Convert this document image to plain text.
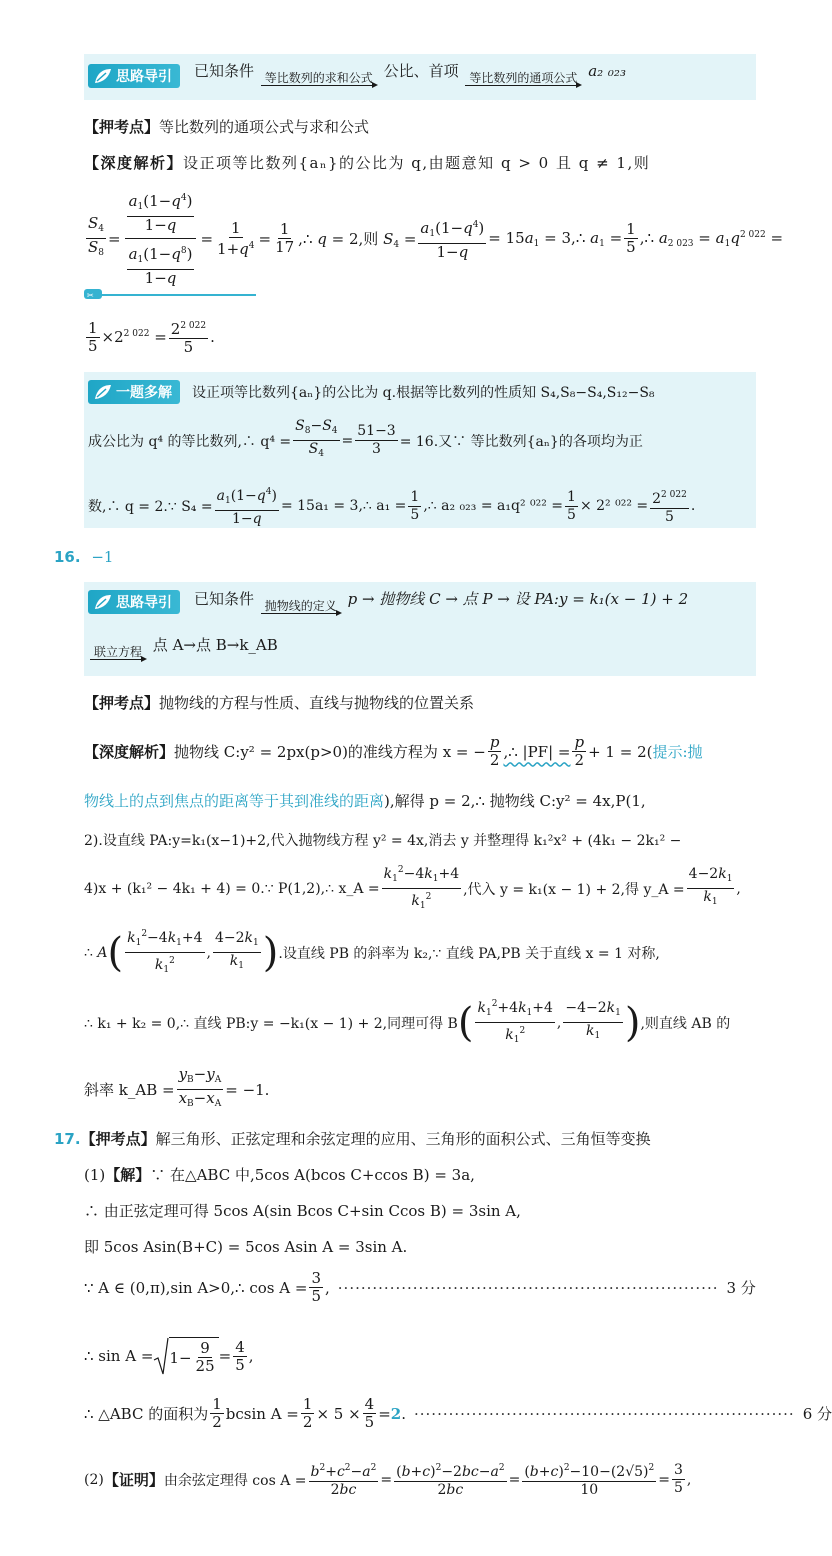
思路导引 已知条件 等比数列的求和公式 公比、首项 等比数列的通项公式 a₂ ₀₂₃
【押考点】等比数列的通项公式与求和公式
【深度解析】设正项等比数列{aₙ}的公比为 q,由题意知 q > 0 且 q ≠ 1,则
$\frac{S_4}{S_8} = \frac{\frac{a_1(1-q^4)}{1-q}}{\frac{a_1(1-q^8)}{1-q}} = \frac{1}{1+q^4} = \frac{1}{17}$ ,∴ q = 2,则 $S_4 = \frac{a_1(1-q^4)}{1-q} = 15a_1$ = 3,∴ $a_1 = \frac{1}{5}$ ,∴ $a_{2 023} = a_1q^{2 022}$ =
✂
$\frac{1}{5} \times 2^{2 022} = \frac{2^{2 022}}{5}$ .
一题多解 设正项等比数列{aₙ}的公比为 q.根据等比数列的性质知 S₄,S₈−S₄,S₁₂−S₈
成公比为 q⁴ 的等比数列,∴ $q^4 = \frac{S_8-S_4}{S_4} = \frac{51-3}{3} = 16$.又∵ 等比数列{aₙ}的各项均为正
数,∴ q = 2.∵ $S_4 = \frac{a_1(1-q^4)}{1-q} = 15a_1$ = 3,∴ $a_1 = \frac{1}{5}$ ,∴ a₂ ₀₂₃ = a₁q² $^{022} = \frac{1}{5} \times 2^2$ $^{022} = \frac{2^{2 022}}{5}$ .
16. −1
思路导引 已知条件 抛物线的定义 p → 抛物线 C → 点 P → 设 PA:y = k₁(x − 1) + 2
联立方程 点 A→点 B→k_AB
【押考点】抛物线的方程与性质、直线与抛物线的位置关系
【深度解析】 抛物线 C:y² = 2px(p>0)的准线方程为 x = − $\frac{p}{2}$ ,∴ $|PF| = \frac{p}{2} + 1 = 2$( 提示:抛
物线上的点到焦点的距离等于其到准线的距离),解得 p = 2,∴ 抛物线 C:y² = 4x,P(1,
2).设直线 PA:y=k₁(x−1)+2,代入抛物线方程 y² = 4x,消去 y 并整理得 k₁²x² + (4k₁ − 2k₁² −
4)x + (k₁² − 4k₁ + 4) = 0.∵ P(1,2),∴ x_A = $\frac{k_1^2-4k_1+4}{k_1^2}$ ,代入 y = k₁(x − 1) + 2,得 y_A = $\frac{4-2k_1}{k_1}$ ,
∴ A ( $\frac{k_1^2-4k_1+4}{k_1^2}$ , $\frac{4-2k_1}{k_1}$ ) .设直线 PB 的斜率为 k₂,∵ 直线 PA,PB 关于直线 x = 1 对称,
∴ k₁ + k₂ = 0,∴ 直线 PB:y = −k₁(x − 1) + 2,同理可得 B ( $\frac{k_1^2+4k_1+4}{k_1^2}$ , $\frac{-4-2k_1}{k_1}$ ) ,则直线 AB 的
斜率 k_AB = $\frac{y_B-y_A}{x_B-x_A} = -1$.
17.【押考点】解三角形、正弦定理和余弦定理的应用、三角形的面积公式、三角恒等变换
(1)【解】∵ 在△ABC 中,5cos A(bcos C+ccos B) = 3a,
∴ 由正弦定理可得 5cos A(sin Bcos C+sin Ccos B) = 3sin A,
即 5cos Asin(B+C) = 5cos Asin A = 3sin A.
∵ A ∈ (0,π),sin A>0,∴ $\cos A = \frac{3}{5}$ , ·································································· 3 分
∴ $\sin A = 1- \frac{9}{25} = \frac{4}{5}$ ,
∴ △ABC 的面积为 $\frac{1}{2}$ bcsin $A = \frac{1}{2} \times 5 \times \frac{4}{5} = 2$ . ·································································· 6 分
(2) 【证明】 由余弦定理得 $\cos A = \frac{b^2+c^2-a^2}{2bc} = \frac{(b+c)^2-2bc-a^2}{2bc} = \frac{(b+c)^2-10-(2√5)^2}{10} = \frac{3}{5}$ ,
